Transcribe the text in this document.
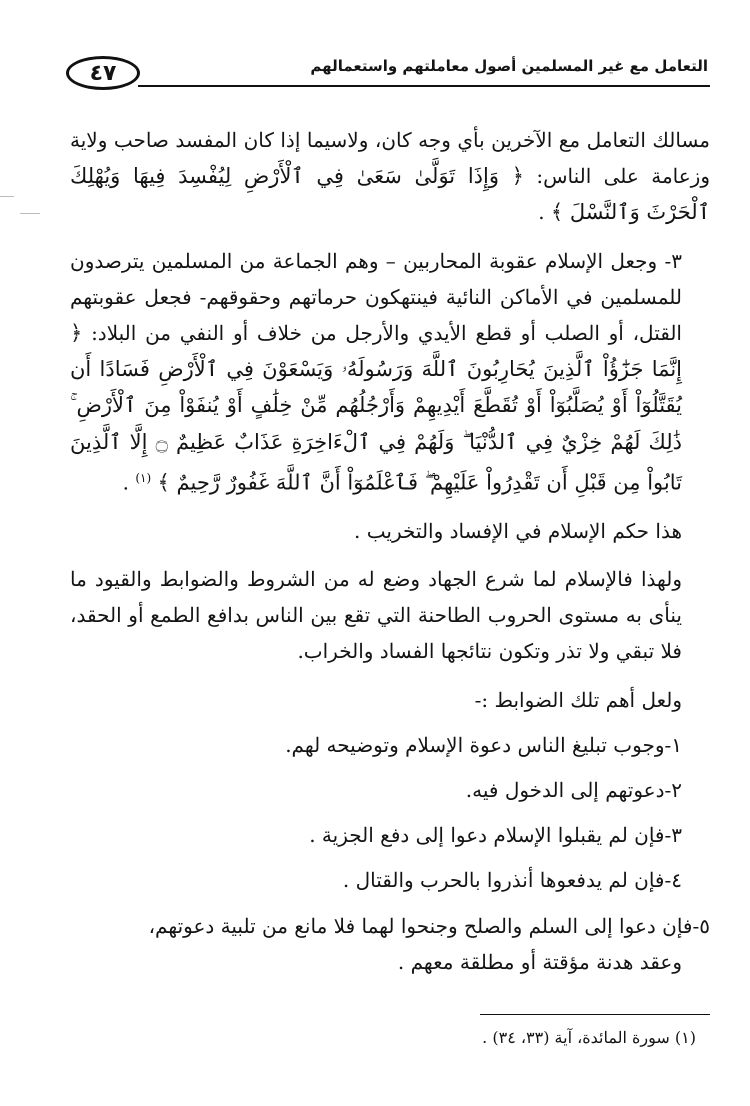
٤٧	التعامل مع غير المسلمين أصول معاملتهم واستعمالهم

مسالك التعامل مع الآخرين بأي وجه كان، ولاسيما إذا كان المفسد صاحب ولاية وزعامة على الناس: ﴿ وَإِذَا تَوَلَّىٰ سَعَىٰ فِي ٱلْأَرْضِ لِيُفْسِدَ فِيهَا وَيُهْلِكَ ٱلْحَرْثَ وَٱلنَّسْلَ ﴾ .

٣- وجعل الإسلام عقوبة المحاربين – وهم الجماعة من المسلمين يترصدون للمسلمين في الأماكن النائية فينتهكون حرماتهم وحقوقهم- فجعل عقوبتهم القتل، أو الصلب أو قطع الأيدي والأرجل من خلاف أو النفي من البلاد: ﴿ إِنَّمَا جَزَٰٓؤُاْ ٱلَّذِينَ يُحَارِبُونَ ٱللَّهَ وَرَسُولَهُۥ وَيَسْعَوْنَ فِي ٱلْأَرْضِ فَسَادًا أَن يُقَتَّلُوٓاْ أَوْ يُصَلَّبُوٓاْ أَوْ تُقَطَّعَ أَيْدِيهِمْ وَأَرْجُلُهُم مِّنْ خِلَٰفٍ أَوْ يُنفَوْاْ مِنَ ٱلْأَرْضِ ۚ ذَٰلِكَ لَهُمْ خِزْيٌ فِي ٱلدُّنْيَا ۖ وَلَهُمْ فِي ٱلْءَاخِرَةِ عَذَابٌ عَظِيمٌ ۝ إِلَّا ٱلَّذِينَ تَابُواْ مِن قَبْلِ أَن تَقْدِرُواْ عَلَيْهِمْ ۖ فَٱعْلَمُوٓاْ أَنَّ ٱللَّهَ غَفُورٌ رَّحِيمٌ ﴾ $^{(١)}$ .

هذا حكم الإسلام في الإفساد والتخريب .

ولهذا فالإسلام لما شرع الجهاد وضع له من الشروط والضوابط والقيود ما ينأى به مستوى الحروب الطاحنة التي تقع بين الناس بدافع الطمع أو الحقد، فلا تبقي ولا تذر وتكون نتائجها الفساد والخراب.

ولعل أهم تلك الضوابط :-

١-وجوب تبليغ الناس دعوة الإسلام وتوضيحه لهم.

٢-دعوتهم إلى الدخول فيه.

٣-فإن لم يقبلوا الإسلام دعوا إلى دفع الجزية .

٤-فإن لم يدفعوها أنذروا بالحرب والقتال .

٥-فإن دعوا إلى السلم والصلح وجنحوا لهما فلا مانع من تلبية دعوتهم،

وعقد هدنة مؤقتة أو مطلقة معهم .

(١) سورة المائدة، آية (٣٣، ٣٤) .
